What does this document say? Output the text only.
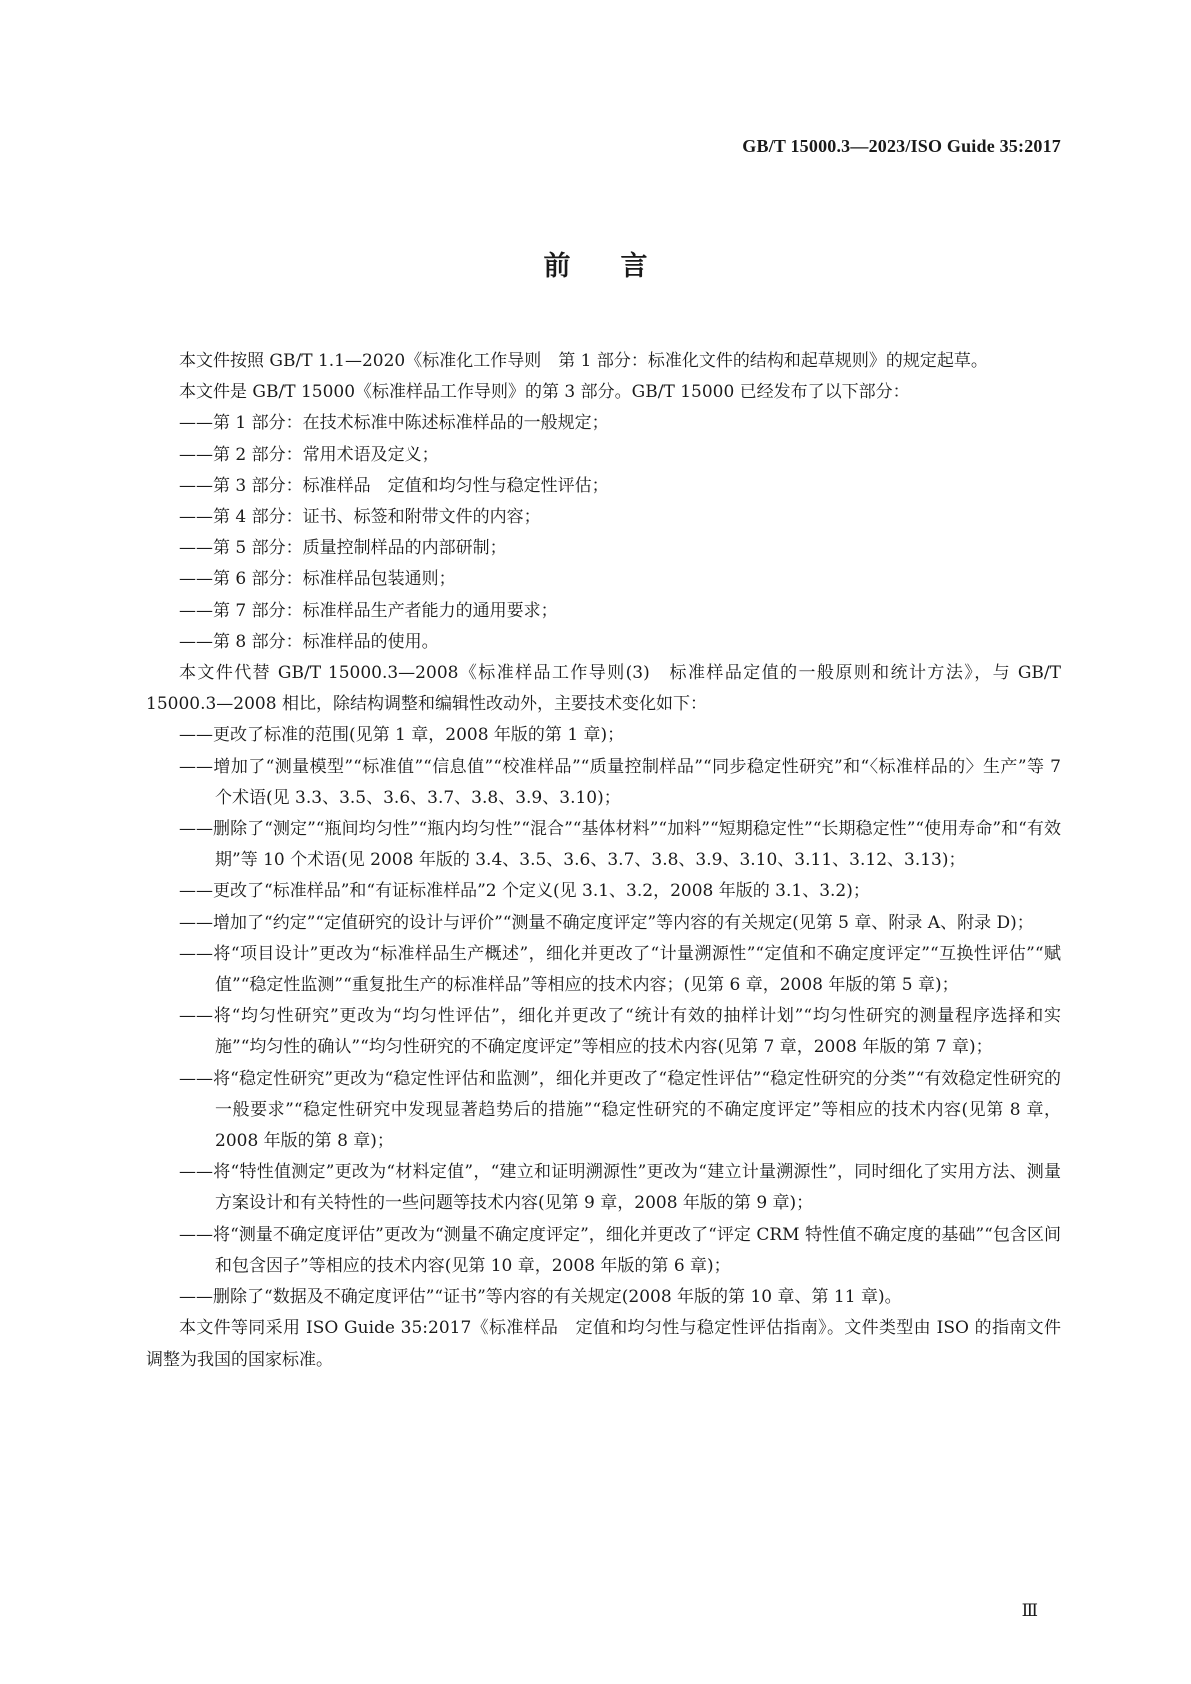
GB/T 15000.3—2023/ISO Guide 35:2017
前言

本文件按照 GB/T 1.1—2020《标准化工作导则　第 1 部分：标准化文件的结构和起草规则》的规定起草。

本文件是 GB/T 15000《标准样品工作导则》的第 3 部分。GB/T 15000 已经发布了以下部分：

——第 1 部分：在技术标准中陈述标准样品的一般规定；

——第 2 部分：常用术语及定义；

——第 3 部分：标准样品　定值和均匀性与稳定性评估；

——第 4 部分：证书、标签和附带文件的内容；

——第 5 部分：质量控制样品的内部研制；

——第 6 部分：标准样品包装通则；

——第 7 部分：标准样品生产者能力的通用要求；

——第 8 部分：标准样品的使用。

本文件代替 GB/T 15000.3—2008《标准样品工作导则(3)　标准样品定值的一般原则和统计方法》，与 GB/T 15000.3—2008 相比，除结构调整和编辑性改动外，主要技术变化如下：

——更改了标准的范围(见第 1 章，2008 年版的第 1 章)；

——增加了“测量模型”“标准值”“信息值”“校准样品”“质量控制样品”“同步稳定性研究”和“〈标准样品的〉生产”等 7 个术语(见 3.3、3.5、3.6、3.7、3.8、3.9、3.10)；

——删除了“测定”“瓶间均匀性”“瓶内均匀性”“混合”“基体材料”“加料”“短期稳定性”“长期稳定性”“使用寿命”和“有效期”等 10 个术语(见 2008 年版的 3.4、3.5、3.6、3.7、3.8、3.9、3.10、3.11、3.12、3.13)；

——更改了“标准样品”和“有证标准样品”2 个定义(见 3.1、3.2，2008 年版的 3.1、3.2)；

——增加了“约定”“定值研究的设计与评价”“测量不确定度评定”等内容的有关规定(见第 5 章、附录 A、附录 D)；

——将“项目设计”更改为“标准样品生产概述”，细化并更改了“计量溯源性”“定值和不确定度评定”“互换性评估”“赋值”“稳定性监测”“重复批生产的标准样品”等相应的技术内容；(见第 6 章，2008 年版的第 5 章)；

——将“均匀性研究”更改为“均匀性评估”，细化并更改了“统计有效的抽样计划”“均匀性研究的测量程序选择和实施”“均匀性的确认”“均匀性研究的不确定度评定”等相应的技术内容(见第 7 章，2008 年版的第 7 章)；

——将“稳定性研究”更改为“稳定性评估和监测”，细化并更改了“稳定性评估”“稳定性研究的分类”“有效稳定性研究的一般要求”“稳定性研究中发现显著趋势后的措施”“稳定性研究的不确定度评定”等相应的技术内容(见第 8 章，2008 年版的第 8 章)；

——将“特性值测定”更改为“材料定值”，“建立和证明溯源性”更改为“建立计量溯源性”，同时细化了实用方法、测量方案设计和有关特性的一些问题等技术内容(见第 9 章，2008 年版的第 9 章)；

——将“测量不确定度评估”更改为“测量不确定度评定”，细化并更改了“评定 CRM 特性值不确定度的基础”“包含区间和包含因子”等相应的技术内容(见第 10 章，2008 年版的第 6 章)；

——删除了“数据及不确定度评估”“证书”等内容的有关规定(2008 年版的第 10 章、第 11 章)。

本文件等同采用 ISO Guide 35:2017《标准样品　定值和均匀性与稳定性评估指南》。文件类型由 ISO 的指南文件调整为我国的国家标准。

Ⅲ
